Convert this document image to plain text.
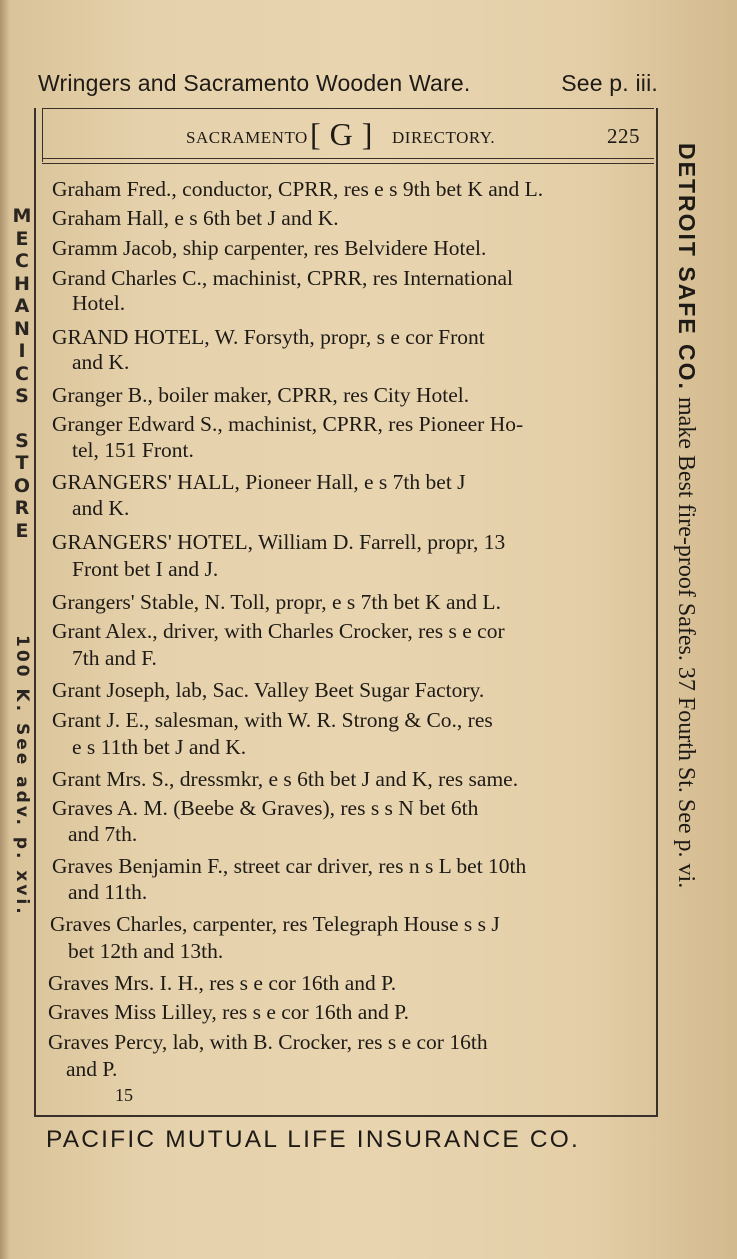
Wringers and Sacramento Wooden Ware.	See p. iii.
SACRAMENTO [ G ] DIRECTORY.	225
Graham Fred., conductor, CPRR, res e s 9th bet K and L.
Graham Hall, e s 6th bet J and K.
Gramm Jacob, ship carpenter, res Belvidere Hotel.
Grand Charles C., machinist, CPRR, res International
Hotel.
GRAND HOTEL, W. Forsyth, propr, s e cor Front
and K.
Granger B., boiler maker, CPRR, res City Hotel.
Granger Edward S., machinist, CPRR, res Pioneer Ho-
tel, 151 Front.
GRANGERS' HALL, Pioneer Hall, e s 7th bet J
and K.
GRANGERS' HOTEL, William D. Farrell, propr, 13
Front bet I and J.
Grangers' Stable, N. Toll, propr, e s 7th bet K and L.
Grant Alex., driver, with Charles Crocker, res s e cor
7th and F.
Grant Joseph, lab, Sac. Valley Beet Sugar Factory.
Grant J. E., salesman, with W. R. Strong & Co., res
e s 11th bet J and K.
Grant Mrs. S., dressmkr, e s 6th bet J and K, res same.
Graves A. M. (Beebe & Graves), res s s N bet 6th
and 7th.
Graves Benjamin F., street car driver, res n s L bet 10th
and 11th.
Graves Charles, carpenter, res Telegraph House s s J
bet 12th and 13th.
Graves Mrs. I. H., res s e cor 16th and P.
Graves Miss Lilley, res s e cor 16th and P.
Graves Percy, lab, with B. Crocker, res s e cor 16th
and P.
15
PACIFIC MUTUAL LIFE INSURANCE CO.
M
E
C
H
A
N
I
C
S
S
T
O
R
E
100 K. See adv. p. xvi.
DETROIT SAFE CO. make Best fire-proof Safes. 37 Fourth St. See p. vi.
